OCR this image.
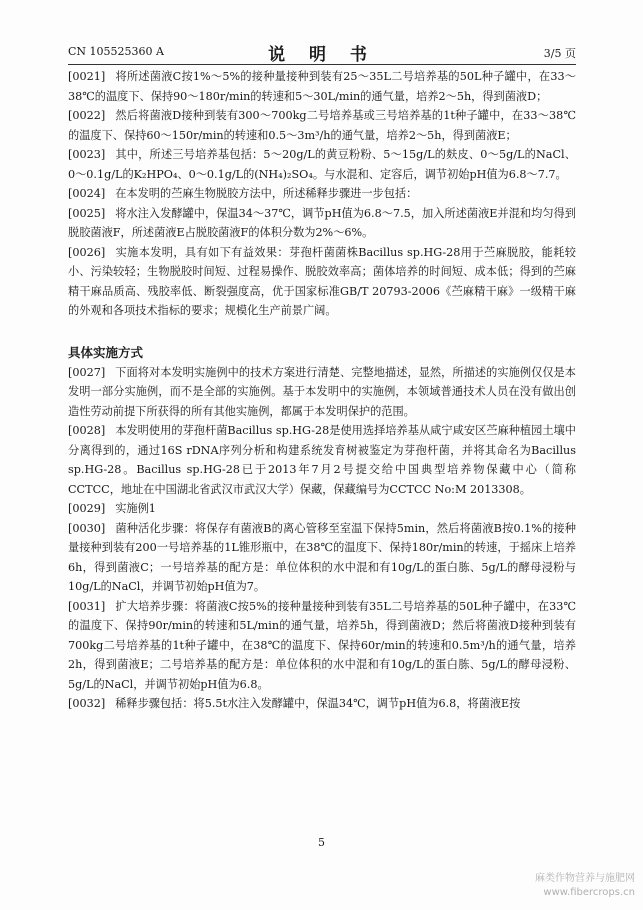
CN 105525360 A	说 明 书	3/5 页

[0021] 将所述菌液C按1%～5%的接种量接种到装有25～35L二号培养基的50L种子罐中，在33～38℃的温度下、保持90～180r/min的转速和5～30L/min的通气量，培养2～5h，得到菌液D；

[0022] 然后将菌液D接种到装有300～700kg二号培养基或三号培养基的1t种子罐中，在33～38℃的温度下、保持60～150r/min的转速和0.5～3m³/h的通气量，培养2～5h，得到菌液E；

[0023] 其中，所述三号培养基包括：5～20g/L的黄豆粉粉、5～15g/L的麸皮、0～5g/L的NaCl、0～0.1g/L的K₂HPO₄、0～0.1g/L的(NH₄)₂SO₄。与水混和、定容后，调节初始pH值为6.8～7.7。

[0024] 在本发明的苎麻生物脱胶方法中，所述稀释步骤进一步包括：

[0025] 将水注入发酵罐中，保温34～37℃，调节pH值为6.8～7.5，加入所述菌液E并混和均匀得到脱胶菌液F，所述菌液E占脱胶菌液F的体积分数为2%～6%。

[0026] 实施本发明，具有如下有益效果：芽孢杆菌菌株Bacillus sp.HG-28用于苎麻脱胶，能耗较小、污染较轻；生物脱胶时间短、过程易操作、脱胶效率高；菌体培养的时间短、成本低；得到的苎麻精干麻品质高、残胶率低、断裂强度高，优于国家标准GB/T 20793-2006《苎麻精干麻》一级精干麻的外观和各项技术指标的要求；规模化生产前景广阔。

具体实施方式

[0027] 下面将对本发明实施例中的技术方案进行清楚、完整地描述，显然，所描述的实施例仅仅是本发明一部分实施例，而不是全部的实施例。基于本发明中的实施例，本领域普通技术人员在没有做出创造性劳动前提下所获得的所有其他实施例，都属于本发明保护的范围。

[0028] 本发明使用的芽孢杆菌Bacillus sp.HG-28是使用选择培养基从咸宁咸安区苎麻种植园土壤中分离得到的，通过16S rDNA序列分析和构建系统发育树被鉴定为芽孢杆菌，并将其命名为Bacillus sp.HG-28。Bacillus sp.HG-28已于2013年7月2号提交给中国典型培养物保藏中心（简称CCTCC，地址在中国湖北省武汉市武汉大学）保藏，保藏编号为CCTCC No:M 2013308。

[0029] 实施例1

[0030] 菌种活化步骤：将保存有菌液B的离心管移至室温下保持5min，然后将菌液B按0.1%的接种量接种到装有200一号培养基的1L锥形瓶中，在38℃的温度下、保持180r/min的转速，于摇床上培养6h，得到菌液C；一号培养基的配方是：单位体积的水中混和有10g/L的蛋白胨、5g/L的酵母浸粉与10g/L的NaCl，并调节初始pH值为7。

[0031] 扩大培养步骤：将菌液C按5%的接种量接种到装有35L二号培养基的50L种子罐中，在33℃的温度下、保持90r/min的转速和5L/min的通气量，培养5h，得到菌液D；然后将菌液D接种到装有700kg二号培养基的1t种子罐中，在38℃的温度下、保持60r/min的转速和0.5m³/h的通气量，培养2h，得到菌液E；二号培养基的配方是：单位体积的水中混和有10g/L的蛋白胨、5g/L的酵母浸粉、5g/L的NaCl，并调节初始pH值为6.8。

[0032] 稀释步骤包括：将5.5t水注入发酵罐中，保温34℃，调节pH值为6.8，将菌液E按

5
麻类作物营养与施肥网
www.fibercrops.cn
